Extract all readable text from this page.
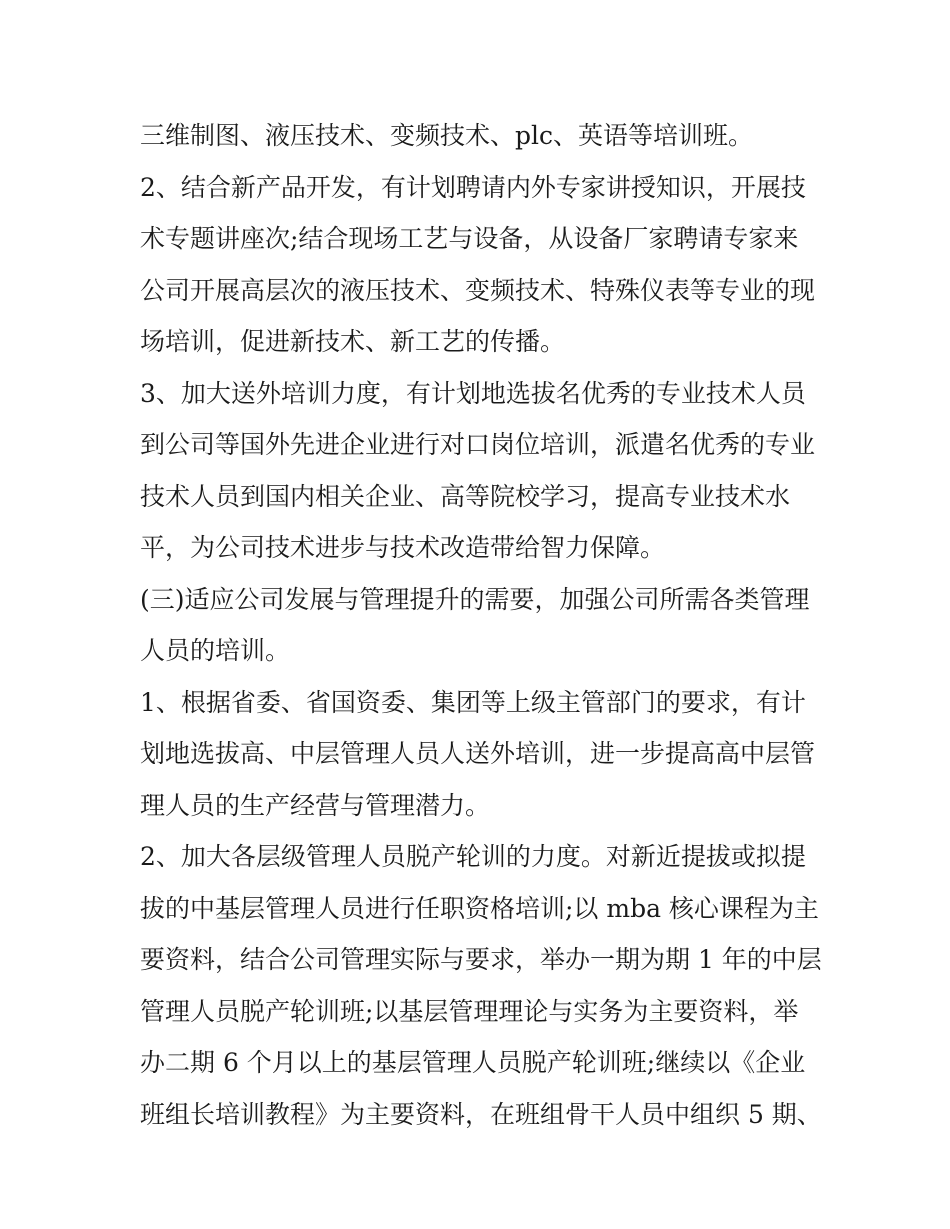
三维制图、液压技术、变频技术、plc、英语等培训班。
2、结合新产品开发，有计划聘请内外专家讲授知识，开展技
术专题讲座次;结合现场工艺与设备，从设备厂家聘请专家来
公司开展高层次的液压技术、变频技术、特殊仪表等专业的现
场培训，促进新技术、新工艺的传播。
3、加大送外培训力度，有计划地选拔名优秀的专业技术人员
到公司等国外先进企业进行对口岗位培训，派遣名优秀的专业
技术人员到国内相关企业、高等院校学习，提高专业技术水
平，为公司技术进步与技术改造带给智力保障。
(三)适应公司发展与管理提升的需要，加强公司所需各类管理
人员的培训。
1、根据省委、省国资委、集团等上级主管部门的要求，有计
划地选拔高、中层管理人员人送外培训，进一步提高高中层管
理人员的生产经营与管理潜力。
2、加大各层级管理人员脱产轮训的力度。对新近提拔或拟提
拔的中基层管理人员进行任职资格培训;以 mba 核心课程为主
要资料，结合公司管理实际与要求，举办一期为期 1 年的中层
管理人员脱产轮训班;以基层管理理论与实务为主要资料，举
办二期 6 个月以上的基层管理人员脱产轮训班;继续以《企业
班组长培训教程》为主要资料，在班组骨干人员中组织 5 期、
